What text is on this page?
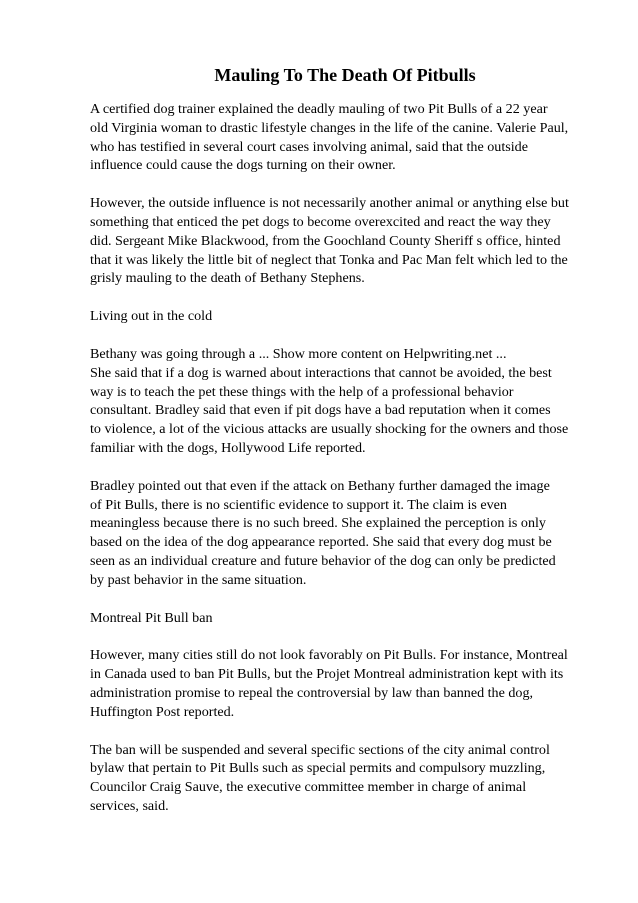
Mauling To The Death Of Pitbulls

A certified dog trainer explained the deadly mauling of two Pit Bulls of a 22 year
old Virginia woman to drastic lifestyle changes in the life of the canine. Valerie Paul,
who has testified in several court cases involving animal, said that the outside
influence could cause the dogs turning on their owner.

However, the outside influence is not necessarily another animal or anything else but
something that enticed the pet dogs to become overexcited and react the way they
did. Sergeant Mike Blackwood, from the Goochland County Sheriff s office, hinted
that it was likely the little bit of neglect that Tonka and Pac Man felt which led to the
grisly mauling to the death of Bethany Stephens.

Living out in the cold

Bethany was going through a ... Show more content on Helpwriting.net ...
She said that if a dog is warned about interactions that cannot be avoided, the best
way is to teach the pet these things with the help of a professional behavior
consultant. Bradley said that even if pit dogs have a bad reputation when it comes
to violence, a lot of the vicious attacks are usually shocking for the owners and those
familiar with the dogs, Hollywood Life reported.

Bradley pointed out that even if the attack on Bethany further damaged the image
of Pit Bulls, there is no scientific evidence to support it. The claim is even
meaningless because there is no such breed. She explained the perception is only
based on the idea of the dog appearance reported. She said that every dog must be
seen as an individual creature and future behavior of the dog can only be predicted
by past behavior in the same situation.

Montreal Pit Bull ban

However, many cities still do not look favorably on Pit Bulls. For instance, Montreal
in Canada used to ban Pit Bulls, but the Projet Montreal administration kept with its
administration promise to repeal the controversial by law than banned the dog,
Huffington Post reported.

The ban will be suspended and several specific sections of the city animal control
bylaw that pertain to Pit Bulls such as special permits and compulsory muzzling,
Councilor Craig Sauve, the executive committee member in charge of animal
services, said.
